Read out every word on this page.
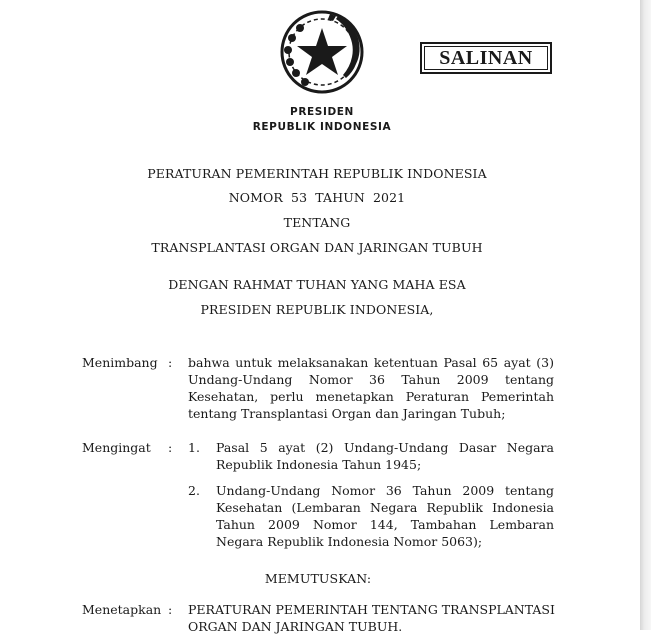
SALINAN
PRESIDEN
REPUBLIK INDONESIA
PERATURAN PEMERINTAH REPUBLIK INDONESIA
NOMOR  53  TAHUN  2021
TENTANG
TRANSPLANTASI ORGAN DAN JARINGAN TUBUH
DENGAN RAHMAT TUHAN YANG MAHA ESA
PRESIDEN REPUBLIK INDONESIA,
Menimbang : bahwa untuk melaksanakan ketentuan Pasal 65 ayat (3)
Undang-Undang Nomor 36 Tahun 2009 tentang
Kesehatan, perlu menetapkan Peraturan Pemerintah
tentang Transplantasi Organ dan Jaringan Tubuh;
Mengingat : 1. Pasal 5 ayat (2) Undang-Undang Dasar Negara
Republik Indonesia Tahun 1945;
2. Undang-Undang Nomor 36 Tahun 2009 tentang
Kesehatan (Lembaran Negara Republik Indonesia
Tahun 2009 Nomor 144, Tambahan Lembaran
Negara Republik Indonesia Nomor 5063);
MEMUTUSKAN:
Menetapkan : PERATURAN PEMERINTAH TENTANG TRANSPLANTASI
ORGAN DAN JARINGAN TUBUH.
